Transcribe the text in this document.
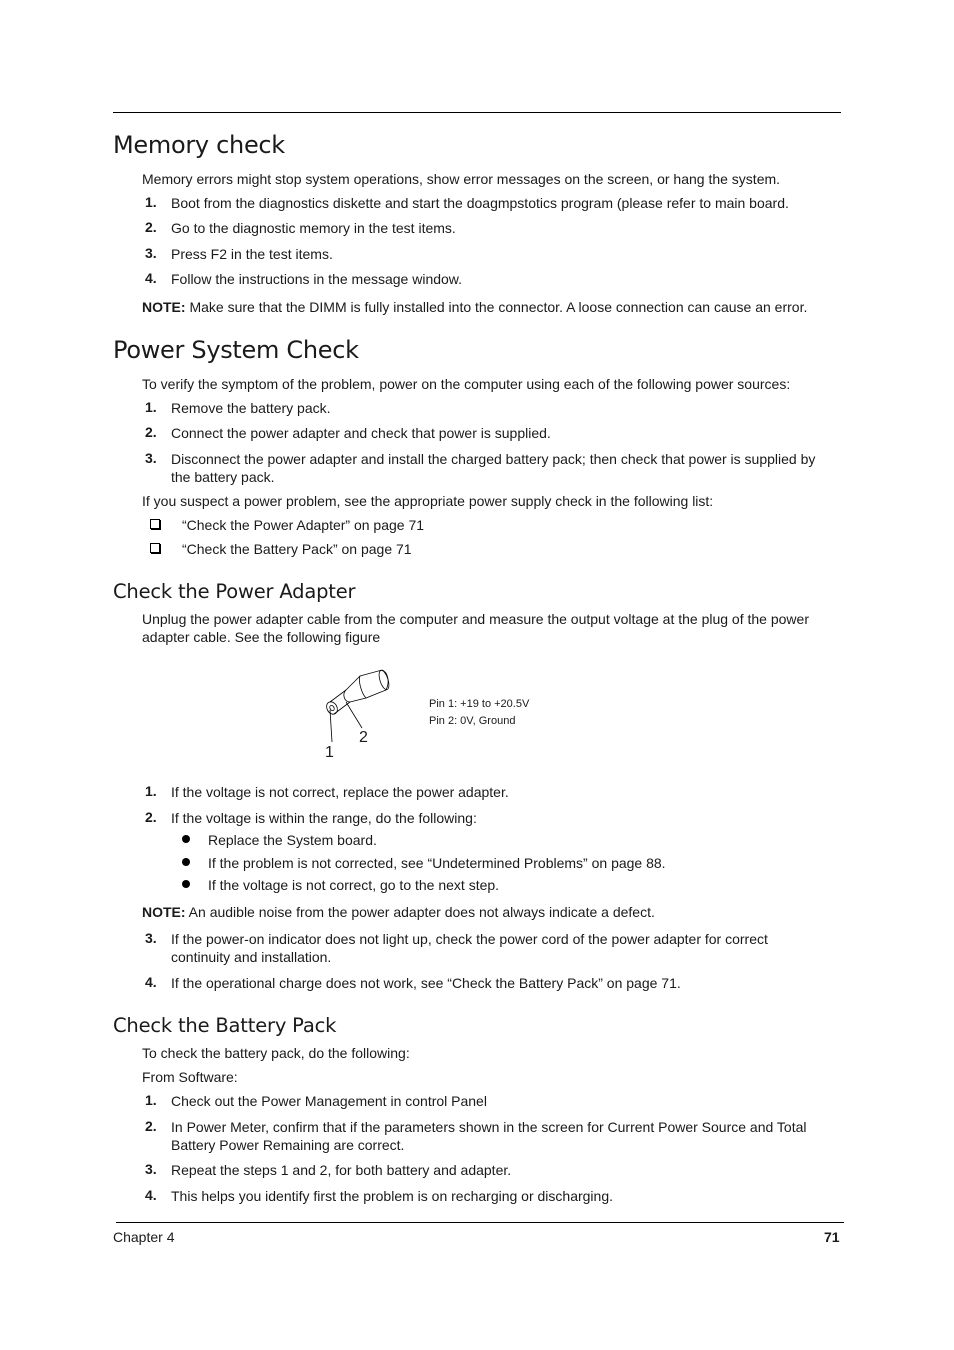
Memory check
Memory errors might stop system operations, show error messages on the screen, or hang the system.
1.	Boot from the diagnostics diskette and start the doagmpstotics program (please refer to main board.
2.	Go to the diagnostic memory in the test items.
3.	Press F2 in the test items.
4.	Follow the instructions in the message window.
NOTE: Make sure that the DIMM is fully installed into the connector. A loose connection can cause an error.
Power System Check
To verify the symptom of the problem, power on the computer using each of the following power sources:
1.	Remove the battery pack.
2.	Connect the power adapter and check that power is supplied.
3.	Disconnect the power adapter and install the charged battery pack; then check that power is supplied by
the battery pack.
If you suspect a power problem, see the appropriate power supply check in the following list:
“Check the Power Adapter” on page 71
“Check the Battery Pack” on page 71
Check the Power Adapter
Unplug the power adapter cable from the computer and measure the output voltage at the plug of the power
adapter cable. See the following figure
1
2
Pin 1: +19 to +20.5V
Pin 2: 0V, Ground
1.	If the voltage is not correct, replace the power adapter.
2.	If the voltage is within the range, do the following:
Replace the System board.
If the problem is not corrected, see “Undetermined Problems” on page 88.
If the voltage is not correct, go to the next step.
NOTE: An audible noise from the power adapter does not always indicate a defect.
3.	If the power-on indicator does not light up, check the power cord of the power adapter for correct
continuity and installation.
4.	If the operational charge does not work, see “Check the Battery Pack” on page 71.
Check the Battery Pack
To check the battery pack, do the following:
From Software:
1.	Check out the Power Management in control Panel
2.	In Power Meter, confirm that if the parameters shown in the screen for Current Power Source and Total
Battery Power Remaining are correct.
3.	Repeat the steps 1 and 2, for both battery and adapter.
4.	This helps you identify first the problem is on recharging or discharging.
Chapter 4	71
